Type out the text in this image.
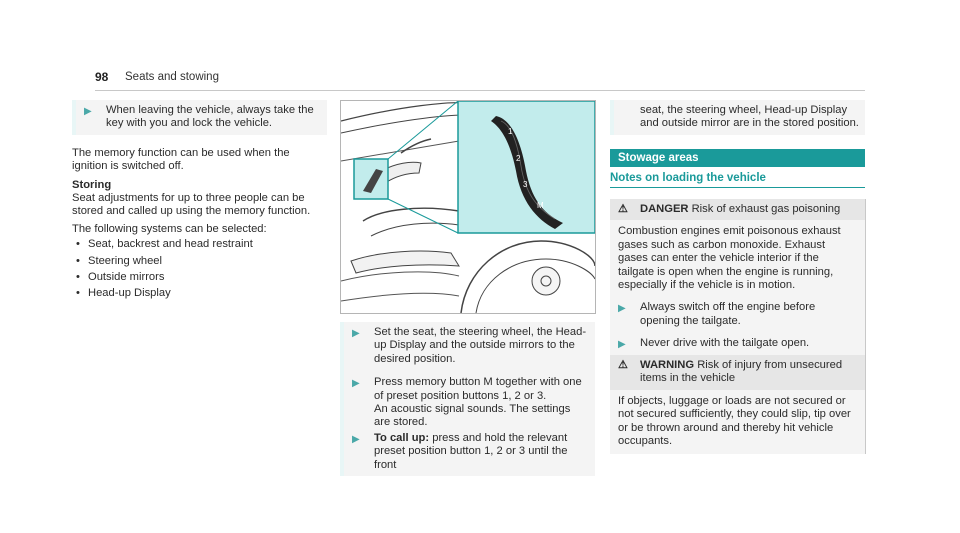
98 Seats and stowing
▶	When leaving the vehicle, always take the key with you and lock the vehicle.

The memory function can be used when the ignition is switched off.

Storing

Seat adjustments for up to three people can be stored and called up using the memory function.

The following systems can be selected:

• Seat, backrest and head restraint
• Steering wheel
• Outside mirrors
• Head-up Display
1
2
3
M
▶	Set the seat, the steering wheel, the Head-up Display and the outside mirrors to the desired position.
▶	Press memory button M together with one of preset position buttons 1, 2 or 3.
An acoustic signal sounds. The settings are stored.
▶	To call up: press and hold the relevant preset position button 1, 2 or 3 until the front
seat, the steering wheel, Head-up Display and outside mirror are in the stored position.
Stowage areas
Notes on loading the vehicle
⚠	DANGER Risk of exhaust gas poisoning
Combustion engines emit poisonous exhaust gases such as carbon monoxide. Exhaust gases can enter the vehicle interior if the tailgate is open when the engine is running, especially if the vehicle is in motion.
▶	Always switch off the engine before opening the tailgate.
▶	Never drive with the tailgate open.
⚠	WARNING Risk of injury from unsecured items in the vehicle
If objects, luggage or loads are not secured or not secured sufficiently, they could slip, tip over or be thrown around and thereby hit vehicle occupants.
